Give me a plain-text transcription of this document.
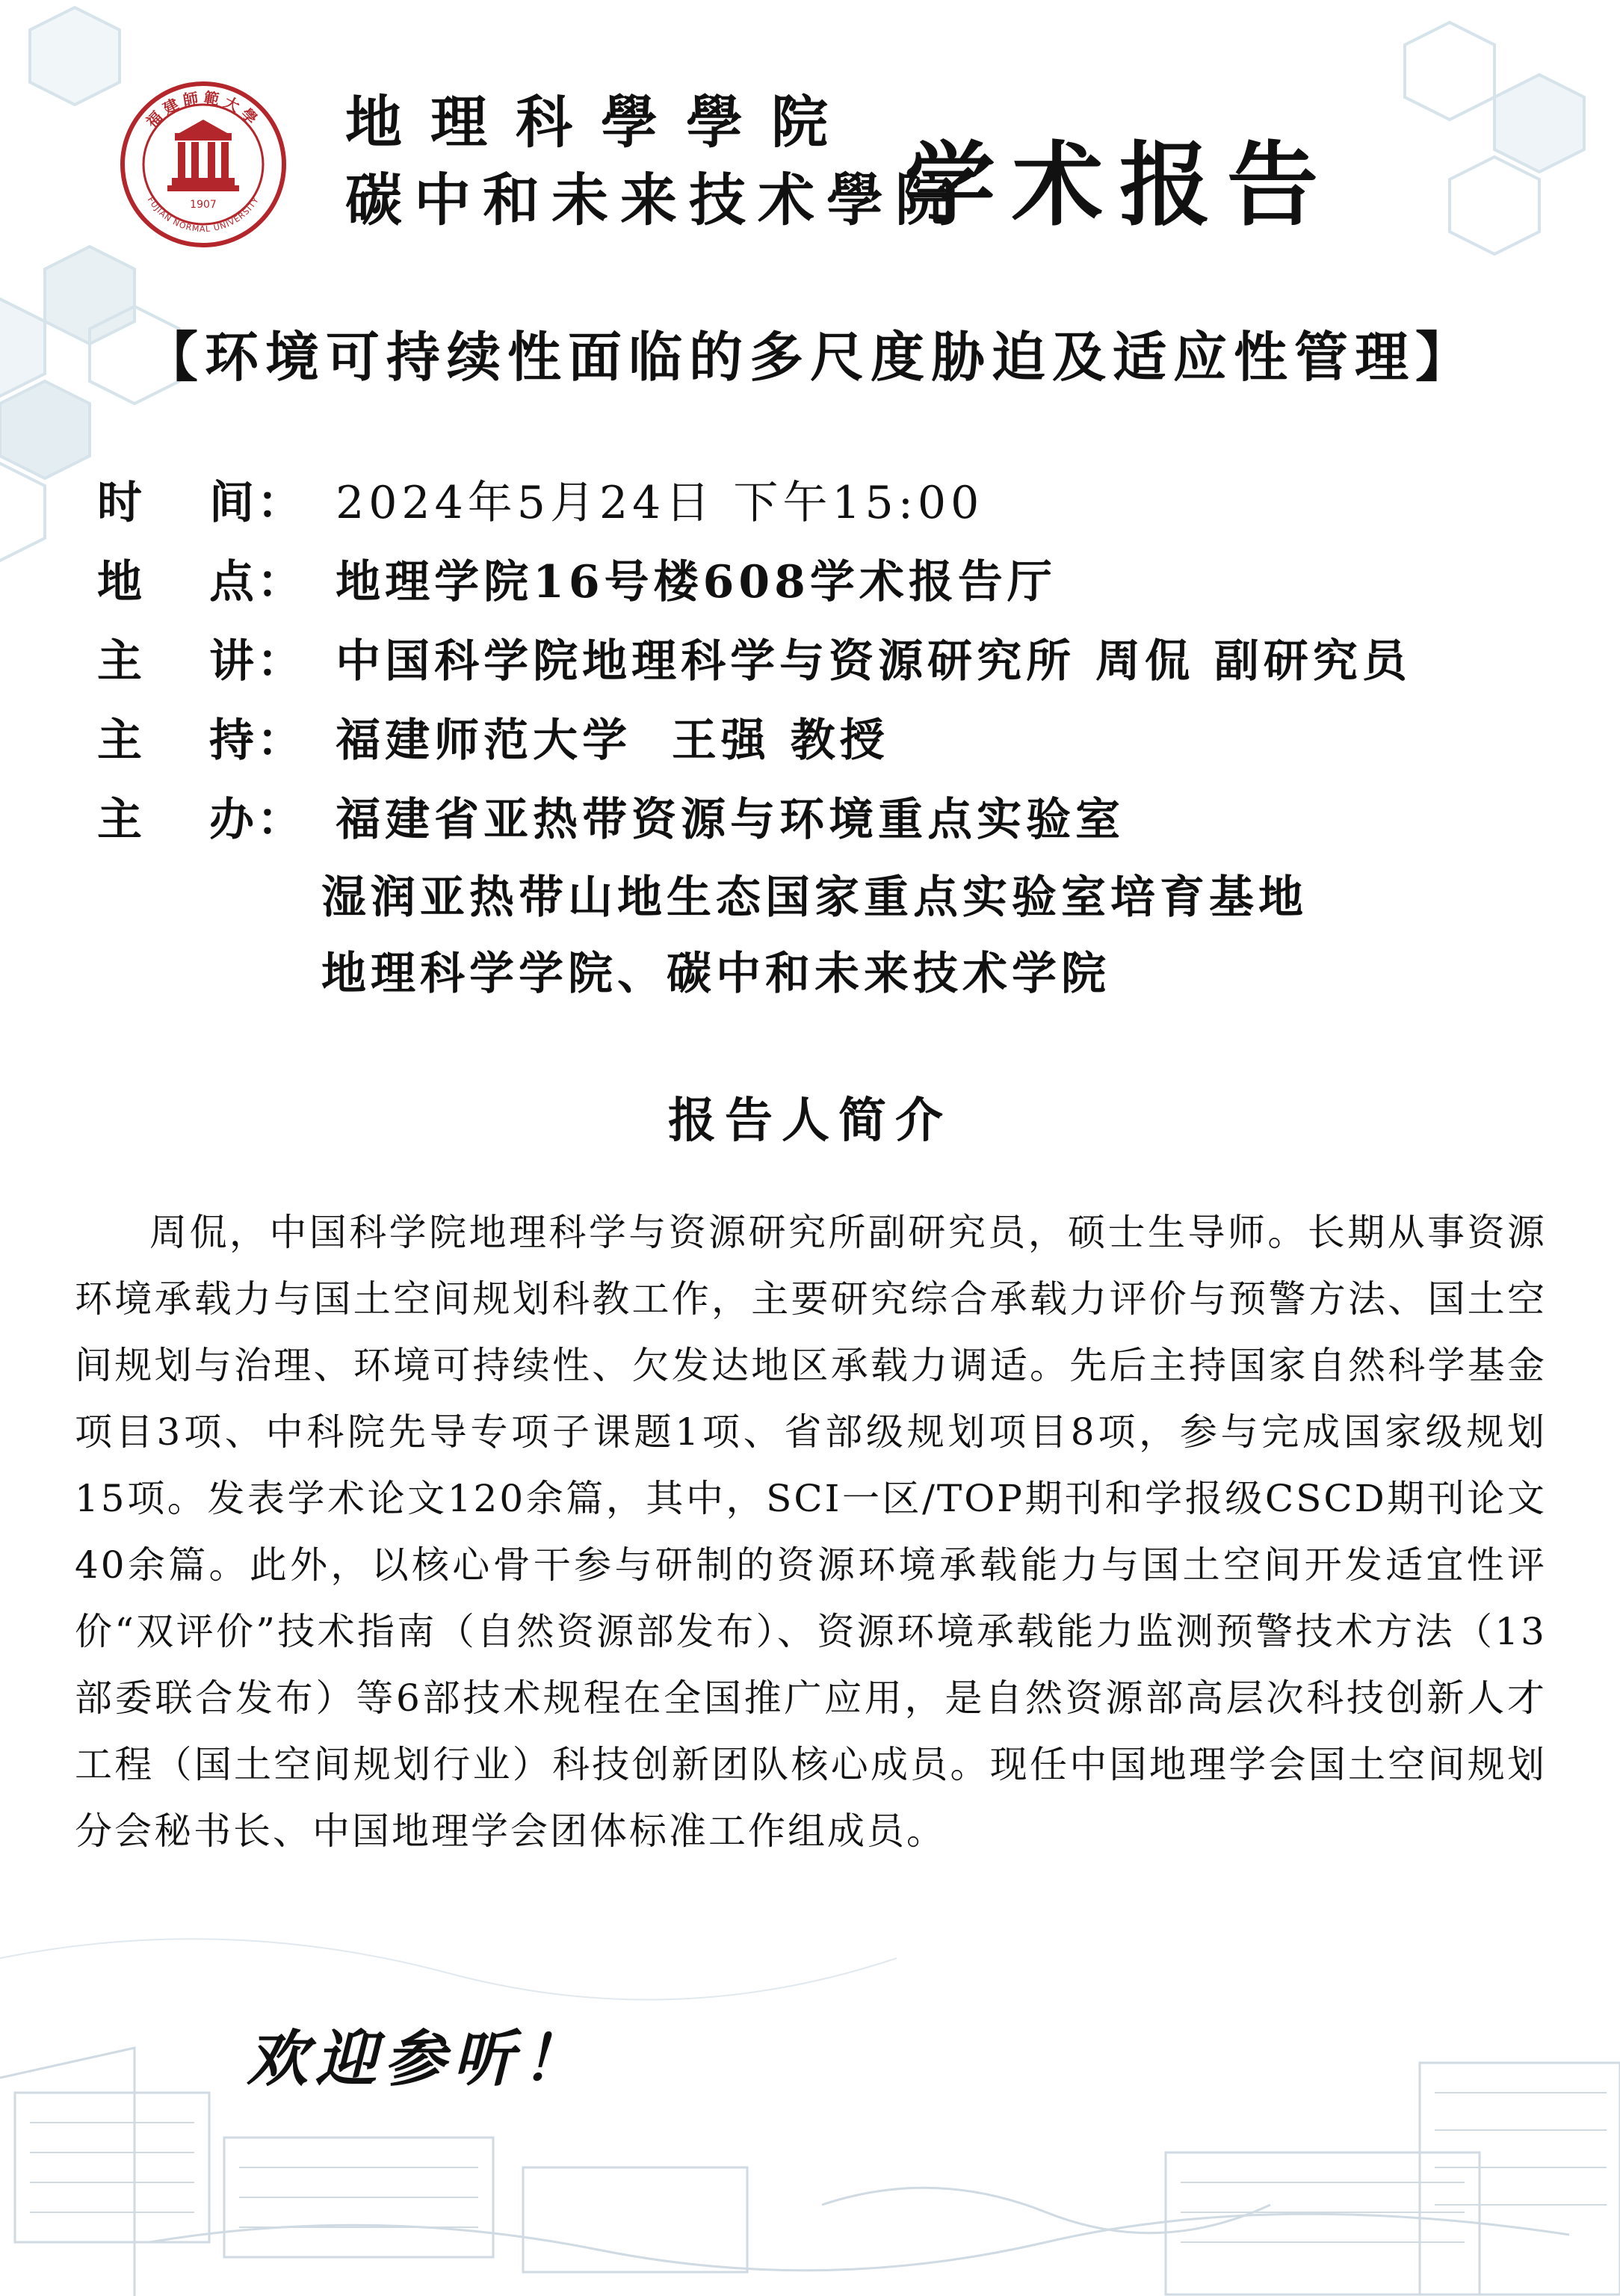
福建師範大學
FUJIAN NORMAL UNIVERSITY
1907
地理科學學院
碳中和未来技术學院
学术报告
【环境可持续性面临的多尺度胁迫及适应性管理】
时 间： 2024年5月24日 下午15:00
地 点： 地理学院16号楼608学术报告厅
主 讲： 中国科学院地理科学与资源研究所 周侃 副研究员
主 持： 福建师范大学  王强 教授
主 办： 福建省亚热带资源与环境重点实验室
湿润亚热带山地生态国家重点实验室培育基地
地理科学学院、碳中和未来技术学院
报告人简介
周侃，中国科学院地理科学与资源研究所副研究员，硕士生导师。长期从事资源环境承载力与国土空间规划科教工作，主要研究综合承载力评价与预警方法、国土空间规划与治理、环境可持续性、欠发达地区承载力调适。先后主持国家自然科学基金项目3项、中科院先导专项子课题1项、省部级规划项目8项，参与完成国家级规划15项。发表学术论文120余篇，其中，SCI一区/TOP期刊和学报级CSCD期刊论文40余篇。此外，以核心骨干参与研制的资源环境承载能力与国土空间开发适宜性评价“双评价”技术指南（自然资源部发布）、资源环境承载能力监测预警技术方法（13部委联合发布）等6部技术规程在全国推广应用，是自然资源部高层次科技创新人才工程（国土空间规划行业）科技创新团队核心成员。现任中国地理学会国土空间规划分会秘书长、中国地理学会团体标准工作组成员。
欢迎参听！
